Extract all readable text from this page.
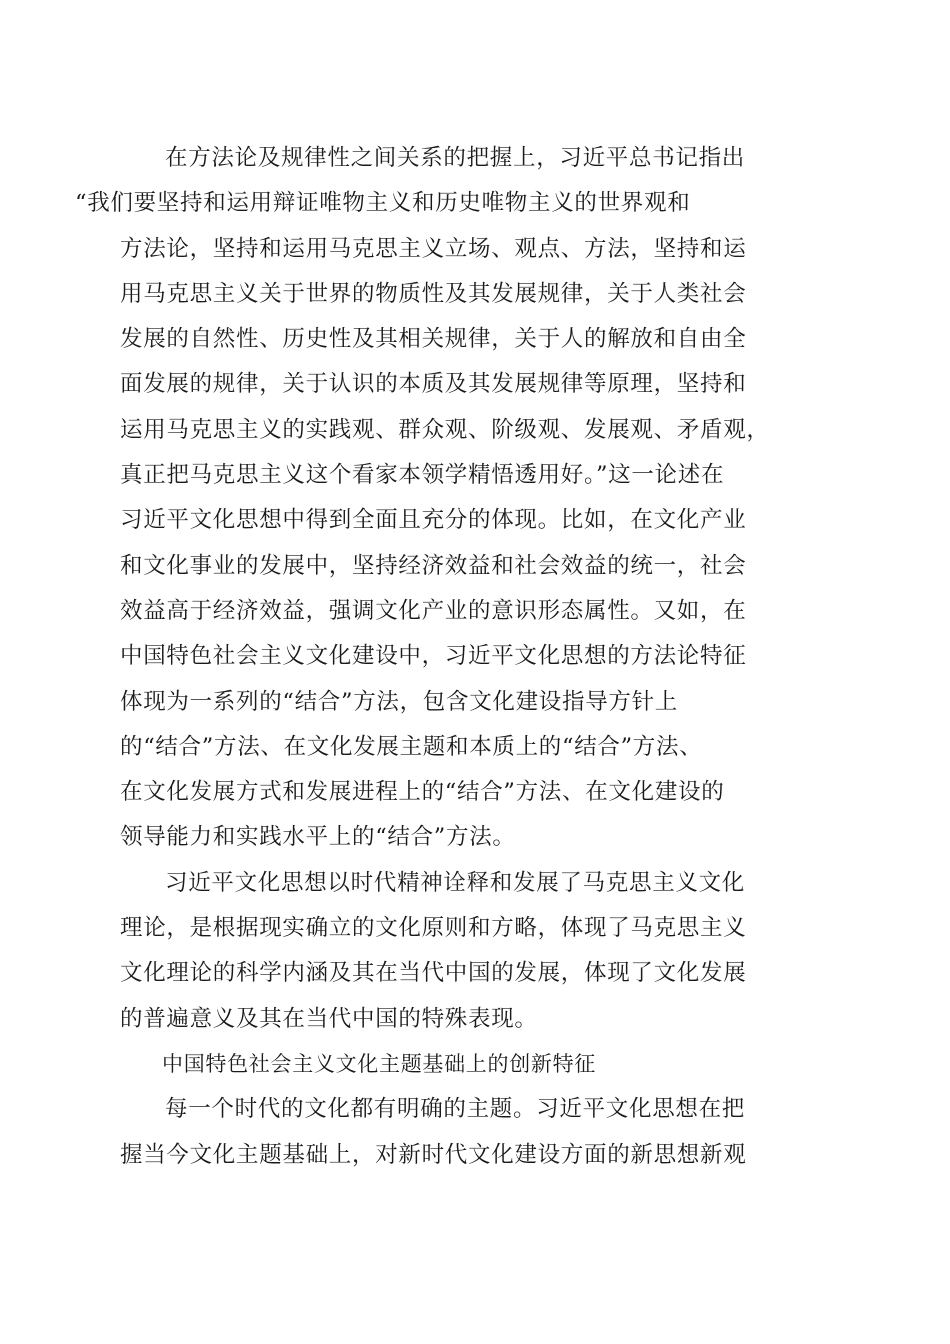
在方法论及规律性之间关系的把握上，习近平总书记指出
“我们要坚持和运用辩证唯物主义和历史唯物主义的世界观和
方法论，坚持和运用马克思主义立场、观点、方法，坚持和运
用马克思主义关于世界的物质性及其发展规律，关于人类社会
发展的自然性、历史性及其相关规律，关于人的解放和自由全
面发展的规律，关于认识的本质及其发展规律等原理，坚持和
运用马克思主义的实践观、群众观、阶级观、发展观、矛盾观，
真正把马克思主义这个看家本领学精悟透用好。”这一论述在
习近平文化思想中得到全面且充分的体现。比如，在文化产业
和文化事业的发展中，坚持经济效益和社会效益的统一，社会
效益高于经济效益，强调文化产业的意识形态属性。又如，在
中国特色社会主义文化建设中，习近平文化思想的方法论特征
体现为一系列的“结合”方法，包含文化建设指导方针上
的“结合”方法、在文化发展主题和本质上的“结合”方法、
在文化发展方式和发展进程上的“结合”方法、在文化建设的
领导能力和实践水平上的“结合”方法。

习近平文化思想以时代精神诠释和发展了马克思主义文化
理论，是根据现实确立的文化原则和方略，体现了马克思主义
文化理论的科学内涵及其在当代中国的发展，体现了文化发展
的普遍意义及其在当代中国的特殊表现。

中国特色社会主义文化主题基础上的创新特征

每一个时代的文化都有明确的主题。习近平文化思想在把
握当今文化主题基础上，对新时代文化建设方面的新思想新观
